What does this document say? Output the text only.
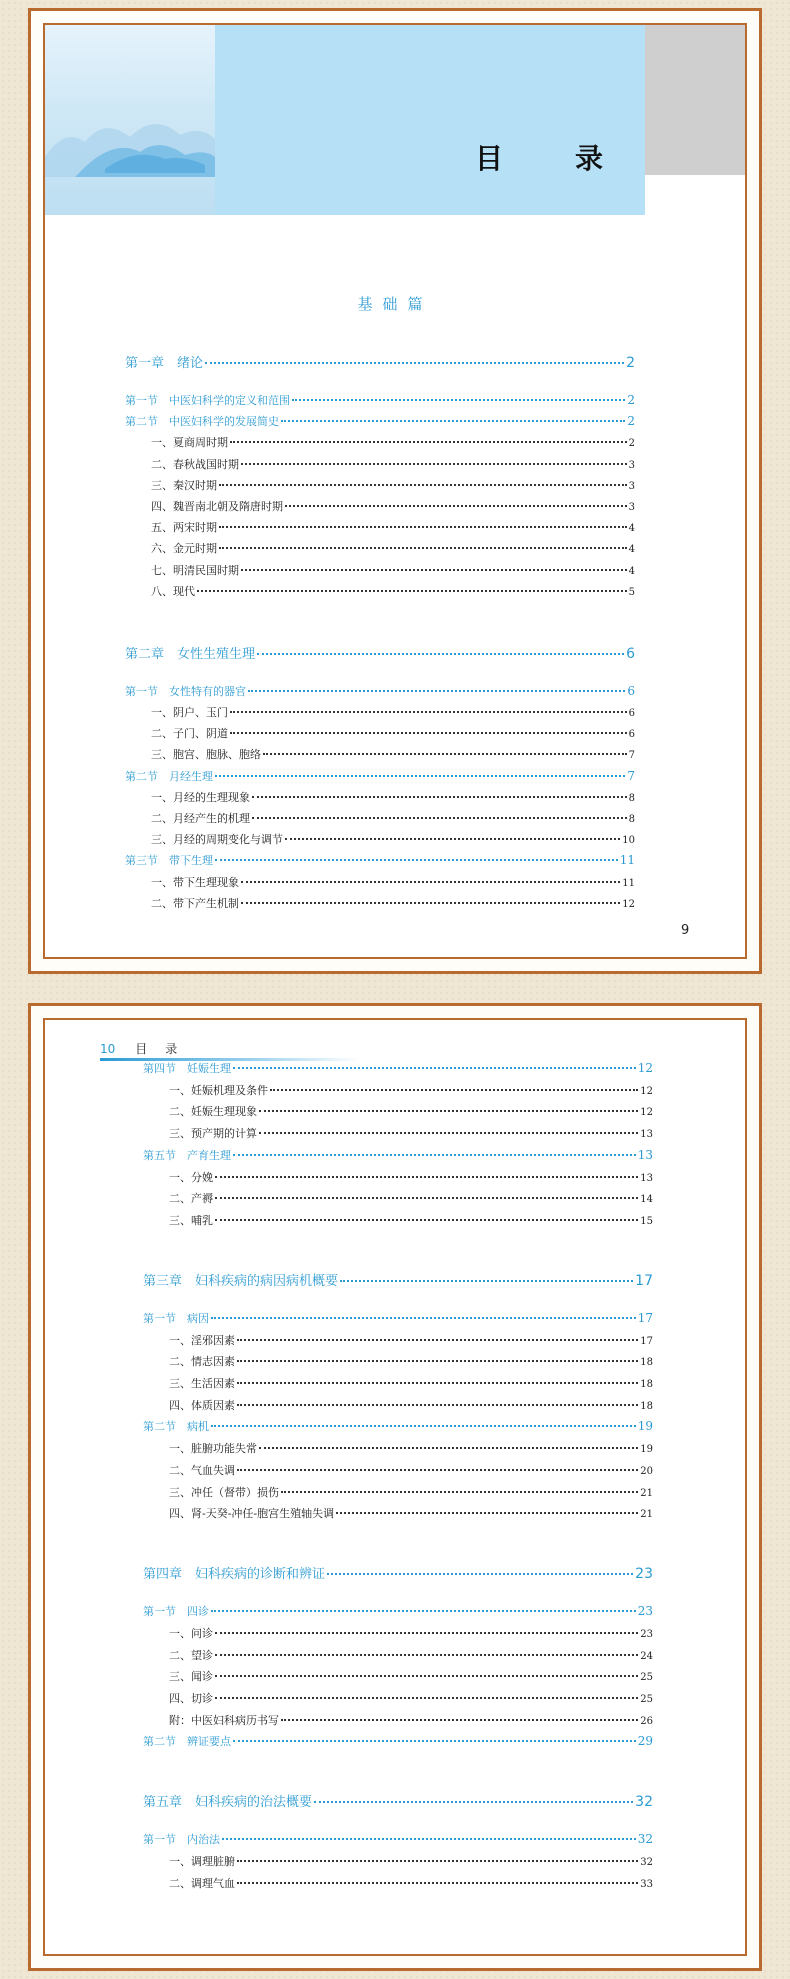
目　录
基础篇
第一章　绪论	2
第一节　中医妇科学的定义和范围	2
第二节　中医妇科学的发展简史	2
一、夏商周时期	2
二、春秋战国时期	3
三、秦汉时期	3
四、魏晋南北朝及隋唐时期	3
五、两宋时期	4
六、金元时期	4
七、明清民国时期	4
八、现代	5
第二章　女性生殖生理	6
第一节　女性特有的器官	6
一、阴户、玉门	6
二、子门、阴道	6
三、胞宫、胞脉、胞络	7
第二节　月经生理	7
一、月经的生理现象	8
二、月经产生的机理	8
三、月经的周期变化与调节	10
第三节　带下生理	11
一、带下生理现象	11
二、带下产生机制	12
9
10 目录
第四节　妊娠生理	12
一、妊娠机理及条件	12
二、妊娠生理现象	12
三、预产期的计算	13
第五节　产育生理	13
一、分娩	13
二、产褥	14
三、哺乳	15
第三章　妇科疾病的病因病机概要	17
第一节　病因	17
一、淫邪因素	17
二、情志因素	18
三、生活因素	18
四、体质因素	18
第二节　病机	19
一、脏腑功能失常	19
二、气血失调	20
三、冲任（督带）损伤	21
四、肾-天癸-冲任-胞宫生殖轴失调	21
第四章　妇科疾病的诊断和辨证	23
第一节　四诊	23
一、问诊	23
二、望诊	24
三、闻诊	25
四、切诊	25
附：中医妇科病历书写	26
第二节　辨证要点	29
第五章　妇科疾病的治法概要	32
第一节　内治法	32
一、调理脏腑	32
二、调理气血	33
